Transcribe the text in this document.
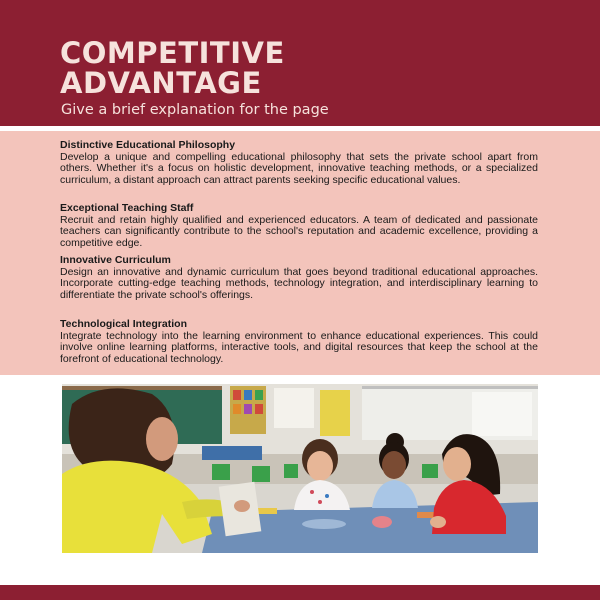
COMPETITIVE
ADVANTAGE
Give a brief explanation for the page
Distinctive Educational Philosophy

Develop a unique and compelling educational philosophy that sets the private school apart from others. Whether it's a focus on holistic development, innovative teaching methods, or a specialized curriculum, a distant approach can attract parents seeking specific educational values.

Exceptional Teaching Staff

Recruit and retain highly qualified and experienced educators. A team of dedicated and passionate teachers can significantly contribute to the school's reputation and academic excellence, providing a competitive edge.

Innovative Curriculum

Design an innovative and dynamic curriculum that goes beyond traditional educational approaches. Incorporate cutting-edge teaching methods, technology integration, and interdisciplinary learning to differentiate the private school's offerings.

Technological Integration

Integrate technology into the learning environment to enhance educational experiences. This could involve online learning platforms, interactive tools, and digital resources that keep the school at the forefront of educational technology.
